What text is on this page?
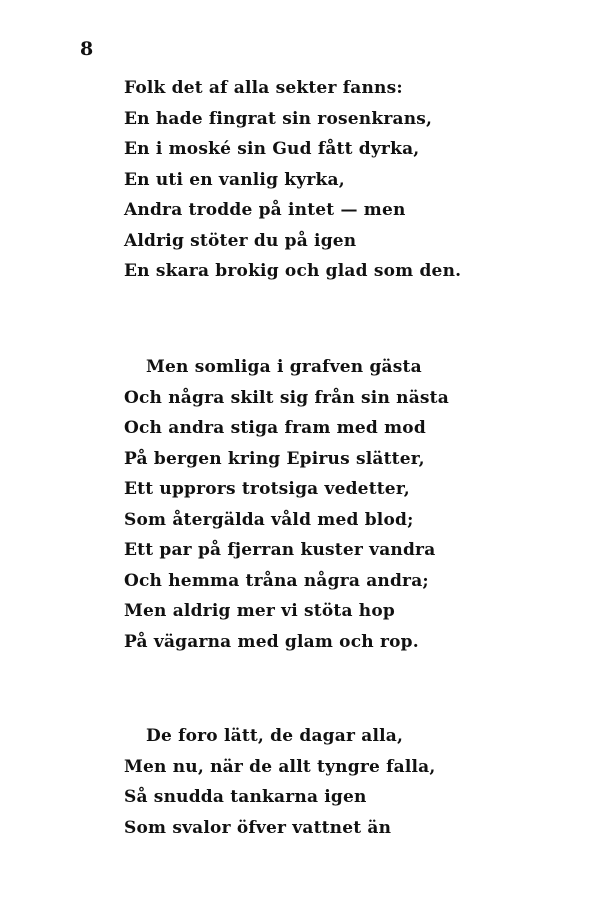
8
Folk det af alla sekter fanns:
En hade fingrat sin rosenkrans,
En i moské sin Gud fått dyrka,
En uti en vanlig kyrka,
Andra trodde på intet — men
Aldrig stöter du på igen
En skara brokig och glad som den.
Men somliga i grafven gästa
Och några skilt sig från sin nästa
Och andra stiga fram med mod
På bergen kring Epirus slätter,
Ett upprors trotsiga vedetter,
Som återgälda våld med blod;
Ett par på fjerran kuster vandra
Och hemma tråna några andra;
Men aldrig mer vi stöta hop
På vägarna med glam och rop.
De foro lätt, de dagar alla,
Men nu, när de allt tyngre falla,
Så snudda tankarna igen
Som svalor öfver vattnet än
